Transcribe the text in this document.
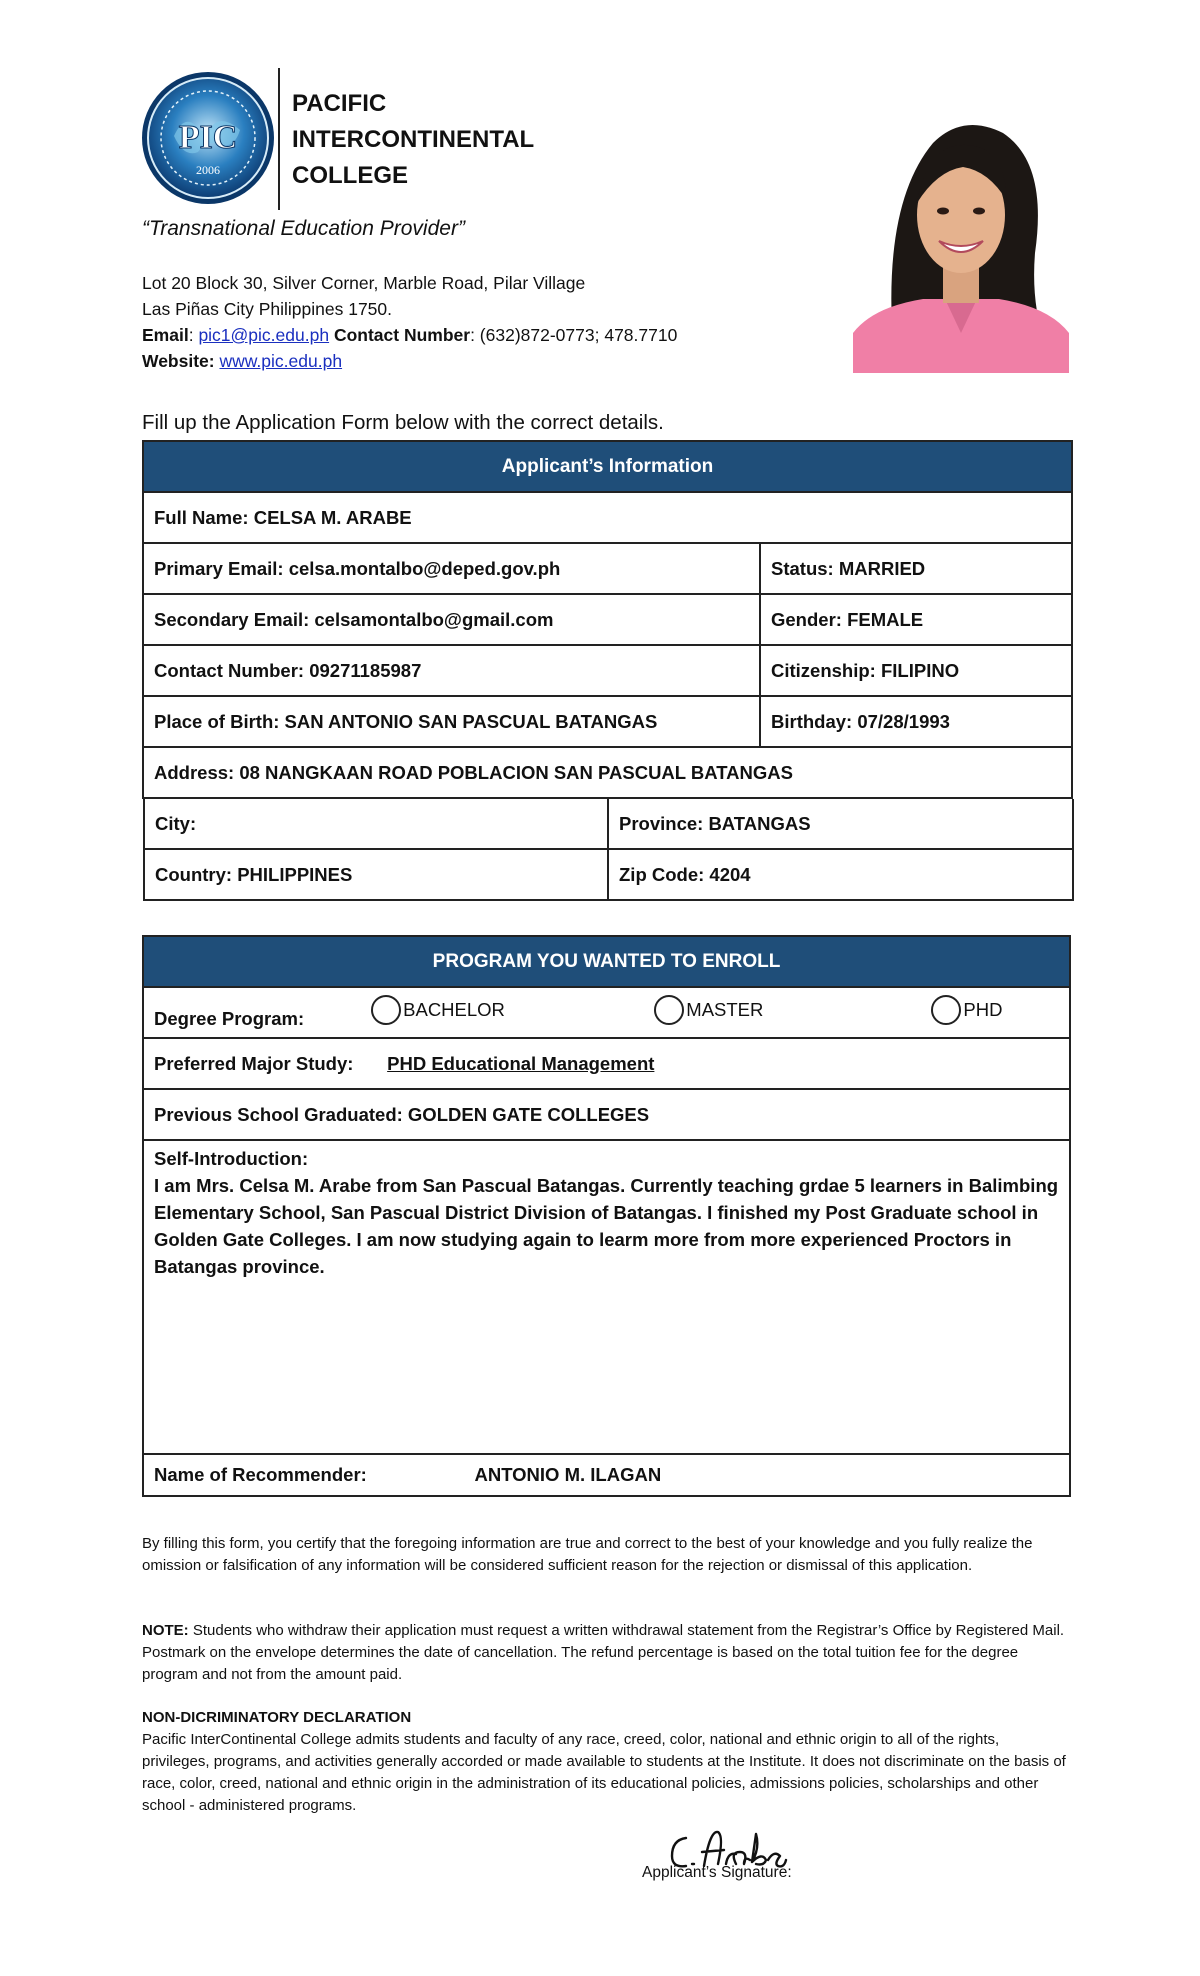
PIC
2006
PACIFIC
INTERCONTINENTAL
COLLEGE
“Transnational Education Provider”
Lot 20 Block 30, Silver Corner, Marble Road, Pilar Village
Las Piñas City Philippines 1750.
Email: pic1@pic.edu.ph Contact Number: (632)872-0773; 478.7710
Website: www.pic.edu.ph
Fill up the Application Form below with the correct details.
Applicant’s Information
Full Name: CELSA M. ARABE
Primary Email: celsa.montalbo@deped.gov.ph	Status: MARRIED
Secondary Email: celsamontalbo@gmail.com	Gender: FEMALE
Contact Number: 09271185987	Citizenship: FILIPINO
Place of Birth: SAN ANTONIO SAN PASCUAL BATANGAS	Birthday: 07/28/1993
Address: 08 NANGKAAN ROAD POBLACION SAN PASCUAL BATANGAS

City:	Province: BATANGAS
Country: PHILIPPINES	Zip Code: 4204
PROGRAM YOU WANTED TO ENROLL
Degree Program:	BACHELOR
	MASTER
	PHD

Preferred Major Study: PHD Educational Management
Previous School Graduated: GOLDEN GATE COLLEGES

Self-Introduction:
I am Mrs. Celsa M. Arabe from San Pascual Batangas. Currently teaching grdae 5 learners in Balimbing Elementary School, San Pascual District Division of Batangas. I finished my Post Graduate school in Golden Gate Colleges. I am now studying again to learm more from more experienced Proctors in Batangas province.

Name of Recommender:	ANTONIO M. ILAGAN
By filling this form, you certify that the foregoing information are true and correct to the best of your knowledge and you fully realize the omission or falsification of any information will be considered sufficient reason for the rejection or dismissal of this application.
NOTE: Students who withdraw their application must request a written withdrawal statement from the Registrar’s Office by Registered Mail. Postmark on the envelope determines the date of cancellation. The refund percentage is based on the total tuition fee for the degree program and not from the amount paid.
NON-DICRIMINATORY DECLARATION
Pacific InterContinental College admits students and faculty of any race, creed, color, national and ethnic origin to all of the rights, privileges, programs, and activities generally accorded or made available to students at the Institute. It does not discriminate on the basis of race, color, creed, national and ethnic origin in the administration of its educational policies, admissions policies, scholarships and other school - administered programs.
Applicant’s Signature:
